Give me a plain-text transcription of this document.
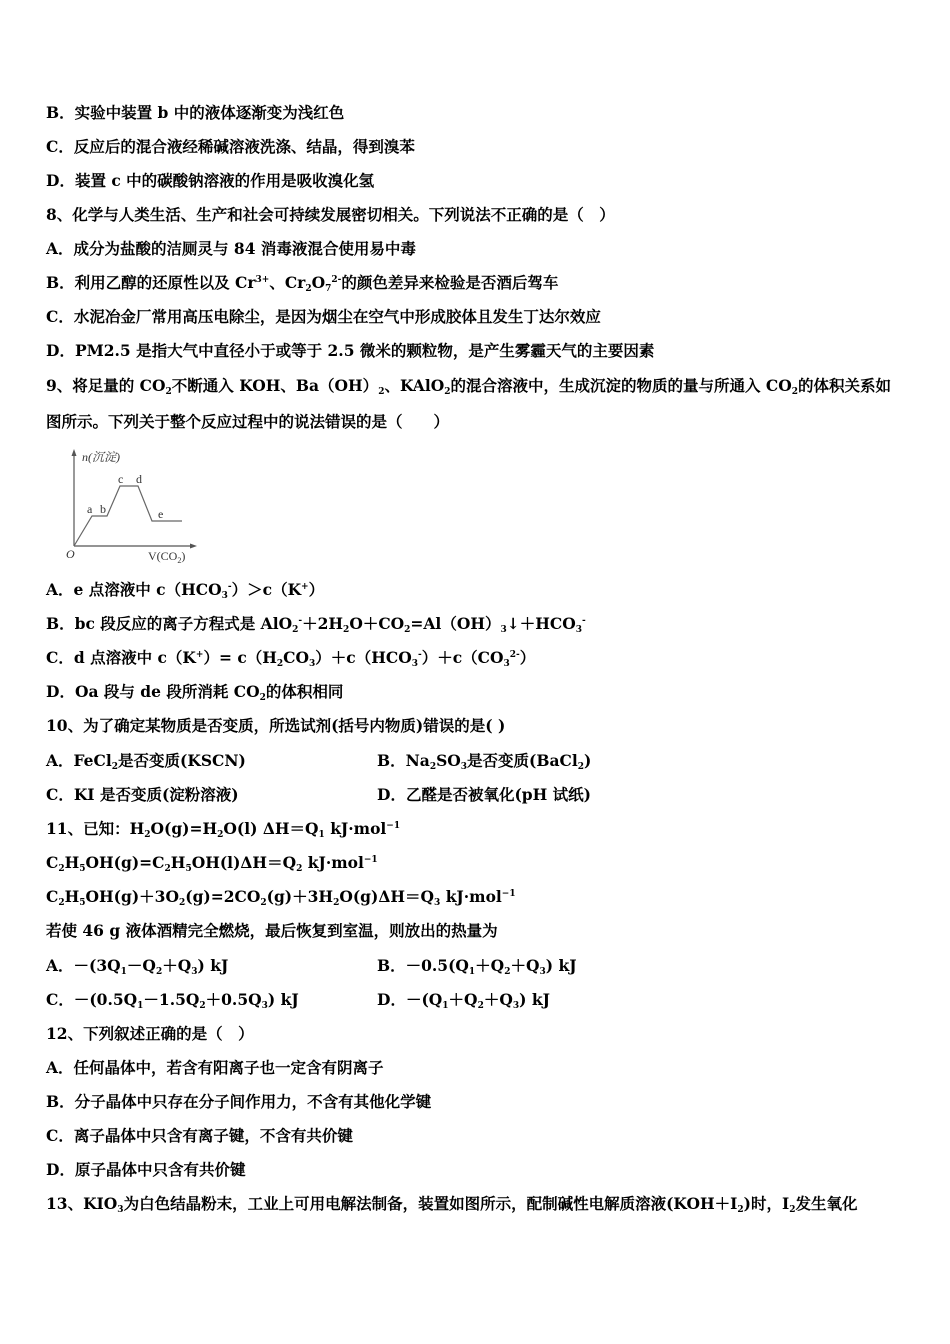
B．实验中装置 b 中的液体逐渐变为浅红色
C．反应后的混合液经稀碱溶液洗涤、结晶，得到溴苯
D．装置 c 中的碳酸钠溶液的作用是吸收溴化氢
8、化学与人类生活、生产和社会可持续发展密切相关。下列说法不正确的是（　）
A．成分为盐酸的洁厕灵与 84 消毒液混合使用易中毒
B．利用乙醇的还原性以及 $Cr^{3+}$、$Cr_2O_7^{2-}$的颜色差异来检验是否酒后驾车
C．水泥冶金厂常用高压电除尘，是因为烟尘在空气中形成胶体且发生丁达尔效应
D．PM2.5 是指大气中直径小于或等于 2.5 微米的颗粒物，是产生雾霾天气的主要因素
9、将足量的 $CO_2$不断通入 KOH、$Ba(OH)_2$、KAlO$_2$的混合溶液中，生成沉淀的物质的量与所通入 $CO_2$的体积关系如
图所示。下列关于整个反应过程中的说法错误的是（　　）
A．e 点溶液中 $c(HCO_3^-)>c(K^+)$
B．bc 段反应的离子方程式是 $AlO_2^-+2H_2O+CO_2=Al(OH)_3↓+HCO_3^-$
C．d 点溶液中 $c(K^+)= c(H_2CO_3)+c(HCO_3^-)+c(CO_3^{2-})$
D．Oa 段与 de 段所消耗 $CO_2$的体积相同
10、为了确定某物质是否变质，所选试剂(括号内物质)错误的是( )
A．FeCl$_2$是否变质(KSCN)	B．$Na_2SO_3$是否变质(BaCl$_2$)
C．KI 是否变质(淀粉溶液)	D．乙醛是否被氧化(pH 试纸)
11、已知：$H_2O(g)=H_2O(l)$ $\Delta H=Q_1$ kJ·mol$^{-1}$
$C_2H_5OH(g)=C_2H_5OH(l)\Delta H=Q_2$ kJ·mol$^{-1}$
$C_2H_5OH(g)+3O_2(g)=2CO_2(g)+3H_2O(g)\Delta H=Q_3$ kJ·mol$^{-1}$
若使 46 g 液体酒精完全燃烧，最后恢复到室温，则放出的热量为
A．$-(3Q_1-Q_2+Q_3)$ kJ	B．$-0.5(Q_1+Q_2+Q_3)$ kJ
C．$-(0.5Q_1-1.5Q_2+0.5Q_3)$ kJ	D．$-(Q_1+Q_2+Q_3)$ kJ
12、下列叙述正确的是（　）
A．任何晶体中，若含有阳离子也一定含有阴离子
B．分子晶体中只存在分子间作用力，不含有其他化学键
C．离子晶体中只含有离子键，不含有共价键
D．原子晶体中只含有共价键
13、$KIO_3$为白色结晶粉末，工业上可用电解法制备，装置如图所示，配制碱性电解质溶液$(KOH+I_2)$时，$I_2$发生氧化
n(沉淀)
$V(CO_2)$
O
a b
c d
e
